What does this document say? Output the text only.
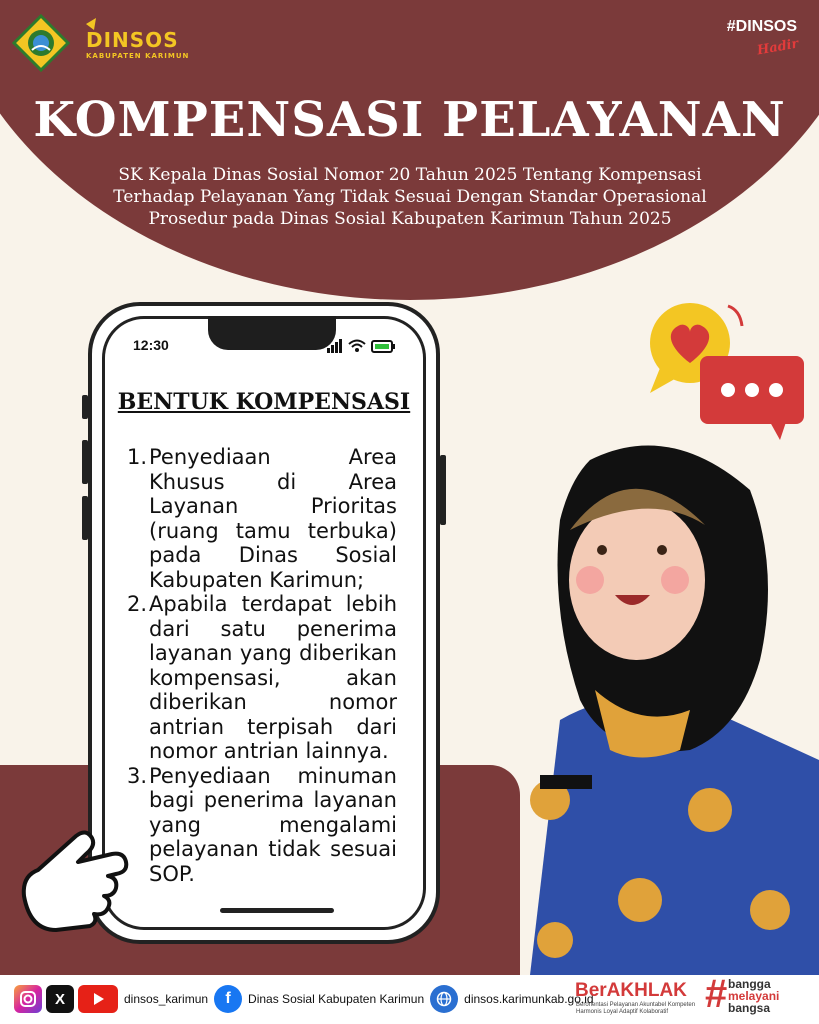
DINSOS
KABUPATEN KARIMUN
#DINSOS
Hadir
KOMPENSASI PELAYANAN
SK Kepala Dinas Sosial Nomor 20 Tahun 2025 Tentang Kompensasi Terhadap Pelayanan Yang Tidak Sesuai Dengan Standar Operasional Prosedur pada Dinas Sosial Kabupaten Karimun Tahun 2025
12:30
BENTUK KOMPENSASI
1. Penyediaan Area Khusus di Area Layanan Prioritas (ruang tamu terbuka) pada Dinas Sosial Kabupaten Karimun;
2. Apabila terdapat lebih dari satu penerima layanan yang diberikan kompensasi, akan diberikan nomor antrian terpisah dari nomor antrian lainnya.
3. Penyediaan minuman bagi penerima layanan yang mengalami pelayanan tidak sesuai SOP.
X	dinsos_karimun	f	Dinas Sosial Kabupaten Karimun	dinsos.karimunkab.go.id
BerAKHLAK
Berorientasi Pelayanan Akuntabel Kompeten Harmonis Loyal Adaptif Kolaboratif # bangga
melayani
bangsa
